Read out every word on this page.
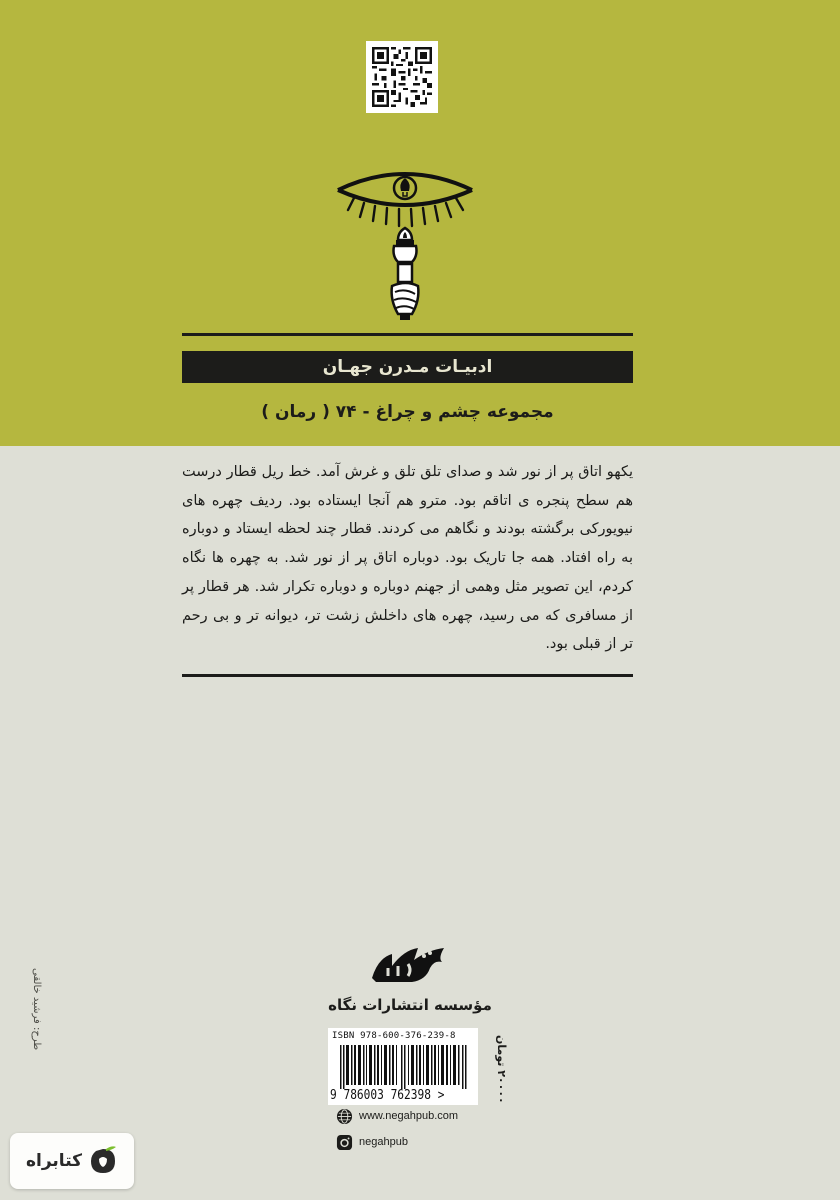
ادبیـات مـدرن جهـان
مجموعه چشم و چراغ - ۷۴ ( رمان )

یکهو اتاق پر از نور شد و صدای تلق تلق و غرش آمد. خط ریل قطار درست هم سطح پنجره ی اتاقم بود. مترو هم آنجا ایستاده بود. ردیف چهره های نیویورکی برگشته بودند و نگاهم می کردند. قطار چند لحظه ایستاد و دوباره به راه افتاد. همه جا تاریک بود. دوباره اتاق پر از نور شد. به چهره ها نگاه کردم، این تصویر مثل وهمی از جهنم دوباره و دوباره تکرار شد. هر قطار پر از مسافری که می رسید، چهره های داخلش زشت تر، دیوانه تر و بی رحم تر از قبلی بود.

مؤسسه انتشارات نگاه
ISBN 978-600-376-239-8
9 786003 762398 >
۲۰۰۰۰ تومان
www.negahpub.com
negahpub
طرح: فرشید خالقی
کتابراه
